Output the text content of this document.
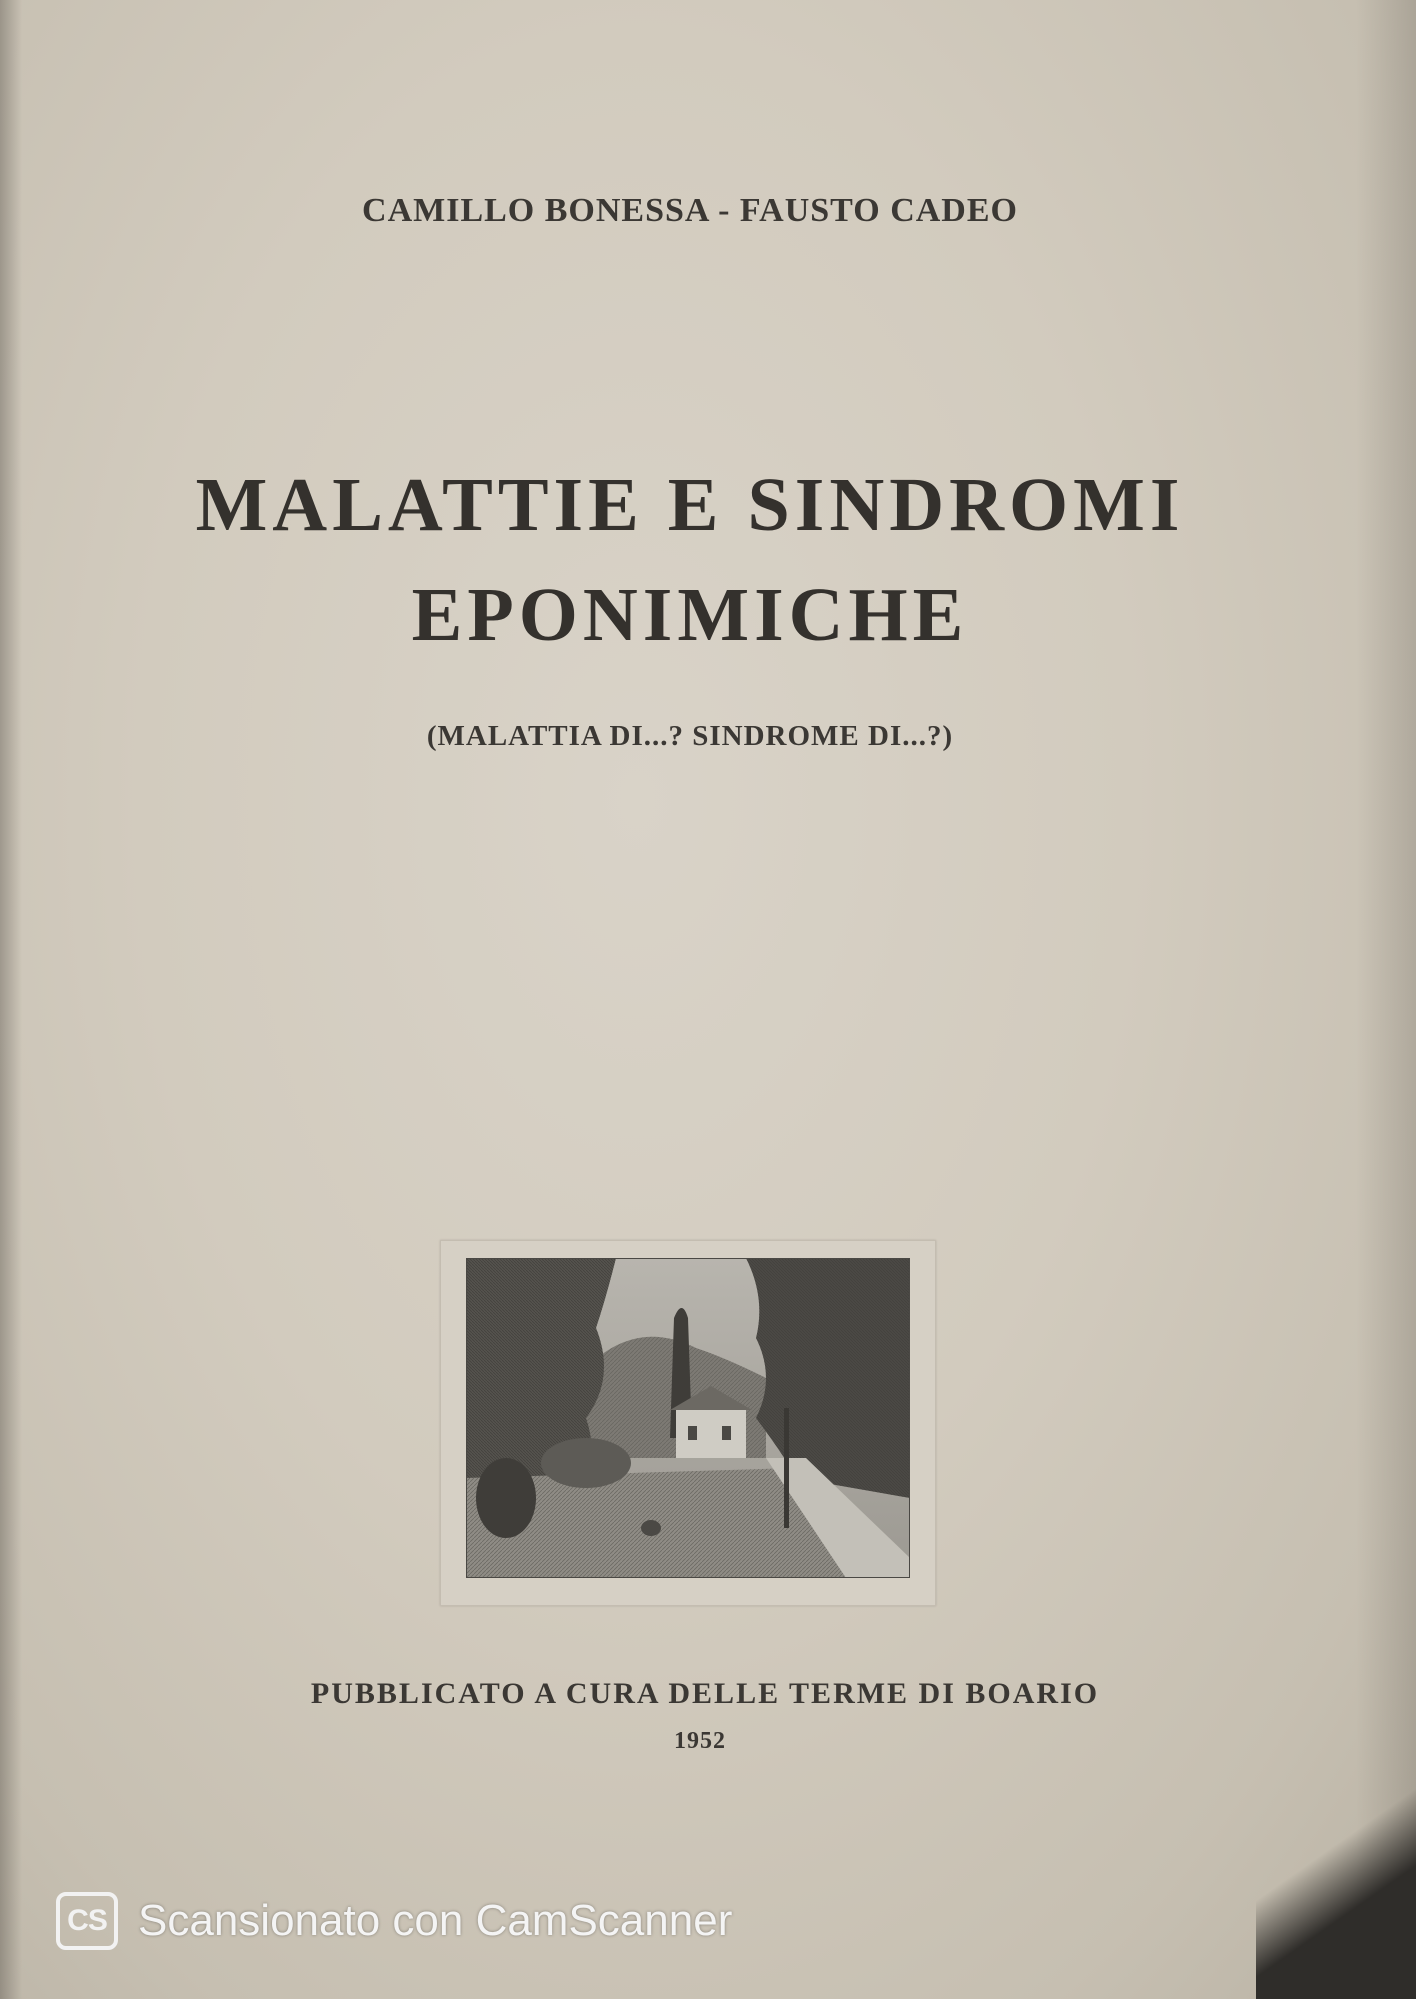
CAMILLO BONESSA - FAUSTO CADEO
MALATTIE E SINDROMI
EPONIMICHE
(MALATTIA DI...? SINDROME DI...?)
PUBBLICATO A CURA DELLE TERME DI BOARIO
1952
CS Scansionato con CamScanner
